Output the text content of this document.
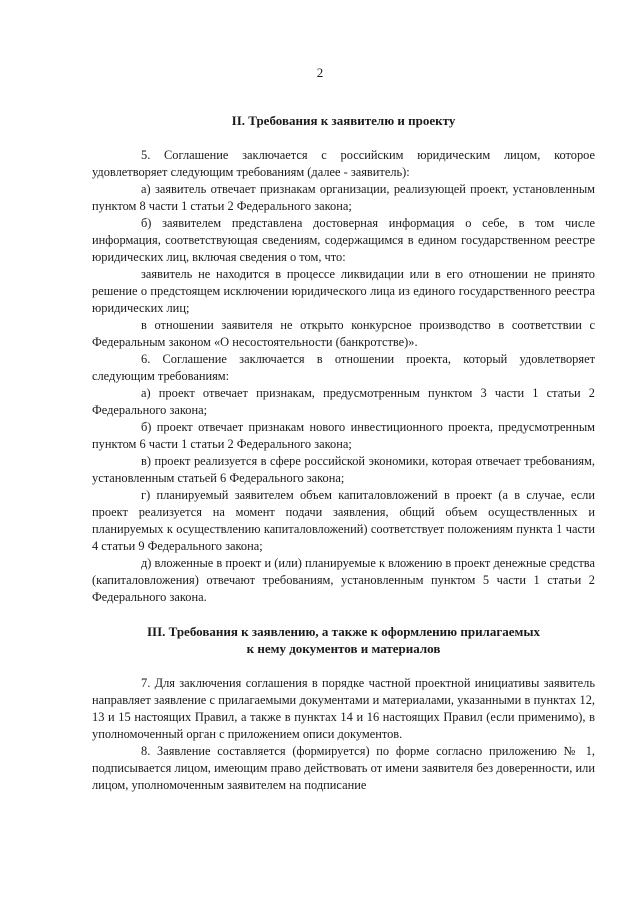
2
II. Требования к заявителю и проекту

5. Соглашение заключается с российским юридическим лицом, которое удовлетворяет следующим требованиям (далее - заявитель):

а) заявитель отвечает признакам организации, реализующей проект, установленным пунктом 8 части 1 статьи 2 Федерального закона;

б) заявителем представлена достоверная информация о себе, в том числе информация, соответствующая сведениям, содержащимся в едином государственном реестре юридических лиц, включая сведения о том, что:

заявитель не находится в процессе ликвидации или в его отношении не принято решение о предстоящем исключении юридического лица из единого государственного реестра юридических лиц;

в отношении заявителя не открыто конкурсное производство в соответствии с Федеральным законом «О несостоятельности (банкротстве)».

6. Соглашение заключается в отношении проекта, который удовлетворяет следующим требованиям:

а) проект отвечает признакам, предусмотренным пунктом 3 части 1 статьи 2 Федерального закона;

б) проект отвечает признакам нового инвестиционного проекта, предусмотренным пунктом 6 части 1 статьи 2 Федерального закона;

в) проект реализуется в сфере российской экономики, которая отвечает требованиям, установленным статьей 6 Федерального закона;

г) планируемый заявителем объем капиталовложений в проект (а в случае, если проект реализуется на момент подачи заявления, общий объем осуществленных и планируемых к осуществлению капиталовложений) соответствует положениям пункта 1 части 4 статьи 9 Федерального закона;

д) вложенные в проект и (или) планируемые к вложению в проект денежные средства (капиталовложения) отвечают требованиям, установленным пунктом 5 части 1 статьи 2 Федерального закона.

III. Требования к заявлению, а также к оформлению прилагаемых
к нему документов и материалов

7. Для заключения соглашения в порядке частной проектной инициативы заявитель направляет заявление с прилагаемыми документами и материалами, указанными в пунктах 12, 13 и 15 настоящих Правил, а также в пунктах 14 и 16 настоящих Правил (если применимо), в уполномоченный орган с приложением описи документов.

8. Заявление составляется (формируется) по форме согласно приложению № 1, подписывается лицом, имеющим право действовать от имени заявителя без доверенности, или лицом, уполномоченным заявителем на подписание
